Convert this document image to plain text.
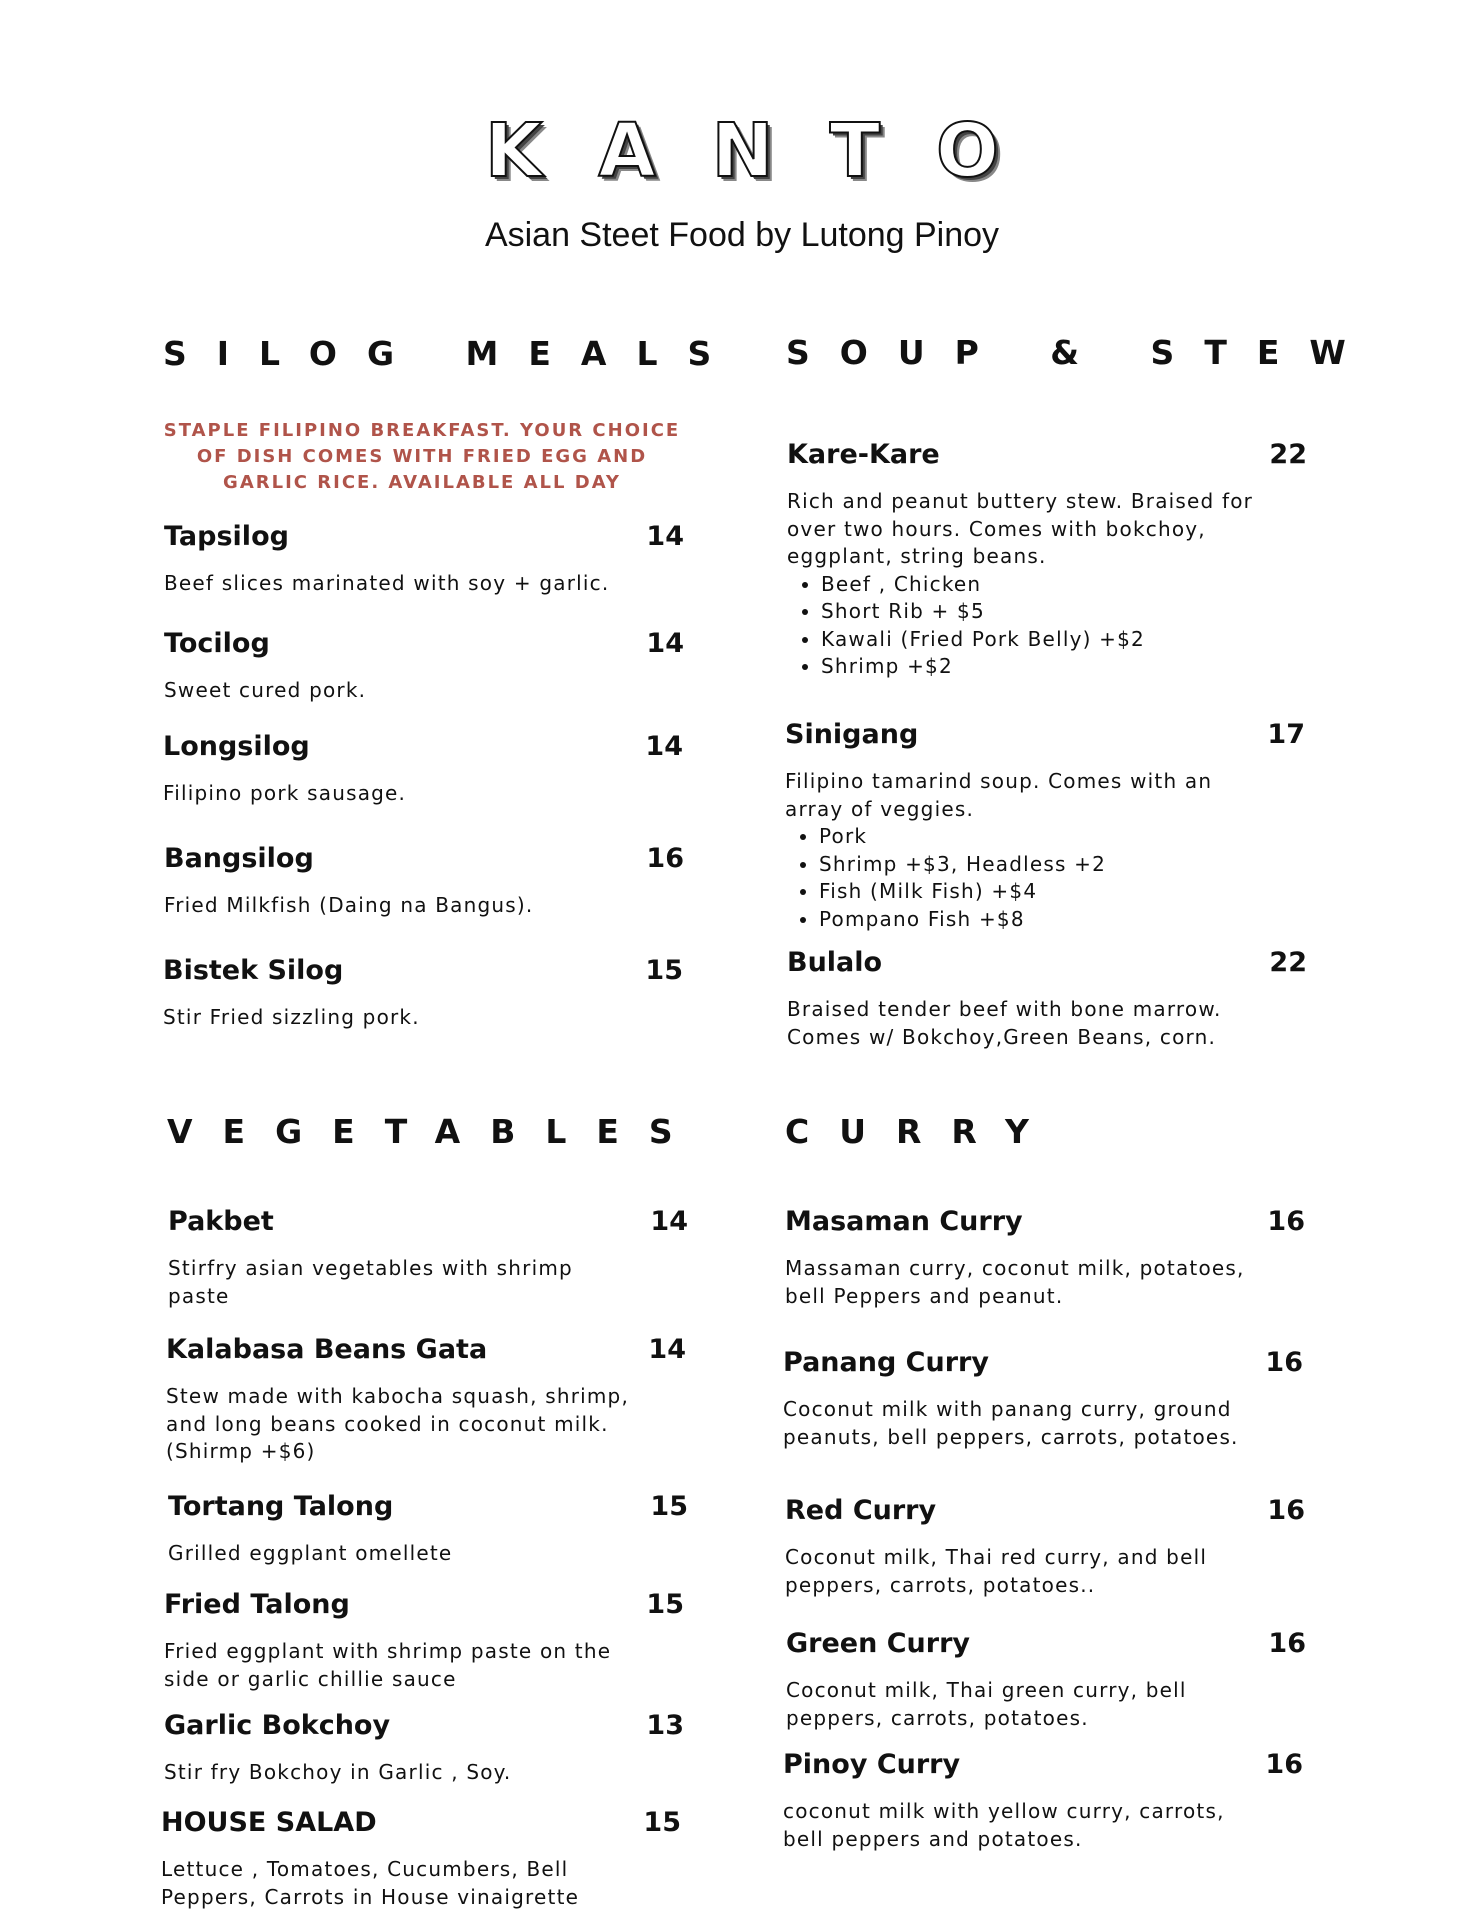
KANTO
Asian Steet Food by Lutong Pinoy
SILOG MEALS
STAPLE FILIPINO BREAKFAST. YOUR CHOICE OF DISH COMES WITH FRIED EGG AND GARLIC RICE. AVAILABLE ALL DAY
Tapsilog	14
Beef slices marinated with soy + garlic.
Tocilog	14
Sweet cured pork.
Longsilog	14
Filipino pork sausage.
Bangsilog	16
Fried Milkfish (Daing na Bangus).
Bistek Silog	15
Stir Fried sizzling pork.
SOUP & STEW
Kare-Kare	22
Rich and peanut buttery stew. Braised for over two hours. Comes with bokchoy, eggplant, string beans.
• Beef , Chicken
• Short Rib + $5
• Kawali (Fried Pork Belly) +$2
• Shrimp +$2
Sinigang	17
Filipino tamarind soup. Comes with an array of veggies.
• Pork
• Shrimp +$3, Headless +2
• Fish (Milk Fish) +$4
• Pompano Fish +$8
Bulalo	22
Braised tender beef with bone marrow. Comes w/ Bokchoy,Green Beans, corn.
VEGETABLES
Pakbet	14
Stirfry asian vegetables with shrimp paste
Kalabasa Beans Gata	14
Stew made with kabocha squash, shrimp, and long beans cooked in coconut milk. (Shirmp +$6)
Tortang Talong	15
Grilled eggplant omellete
Fried Talong	15
Fried eggplant with shrimp paste on the side or garlic chillie sauce
Garlic Bokchoy	13
Stir fry Bokchoy in Garlic , Soy.
HOUSE SALAD	15
Lettuce , Tomatoes, Cucumbers, Bell Peppers, Carrots in House vinaigrette
CURRY
Masaman Curry	16
Massaman curry, coconut milk, potatoes, bell Peppers and peanut.
Panang Curry	16
Coconut milk with panang curry, ground peanuts, bell peppers, carrots, potatoes.
Red Curry	16
Coconut milk, Thai red curry, and bell peppers, carrots, potatoes..
Green Curry	16
Coconut milk, Thai green curry, bell peppers, carrots, potatoes.
Pinoy Curry	16
coconut milk with yellow curry, carrots, bell peppers and potatoes.
